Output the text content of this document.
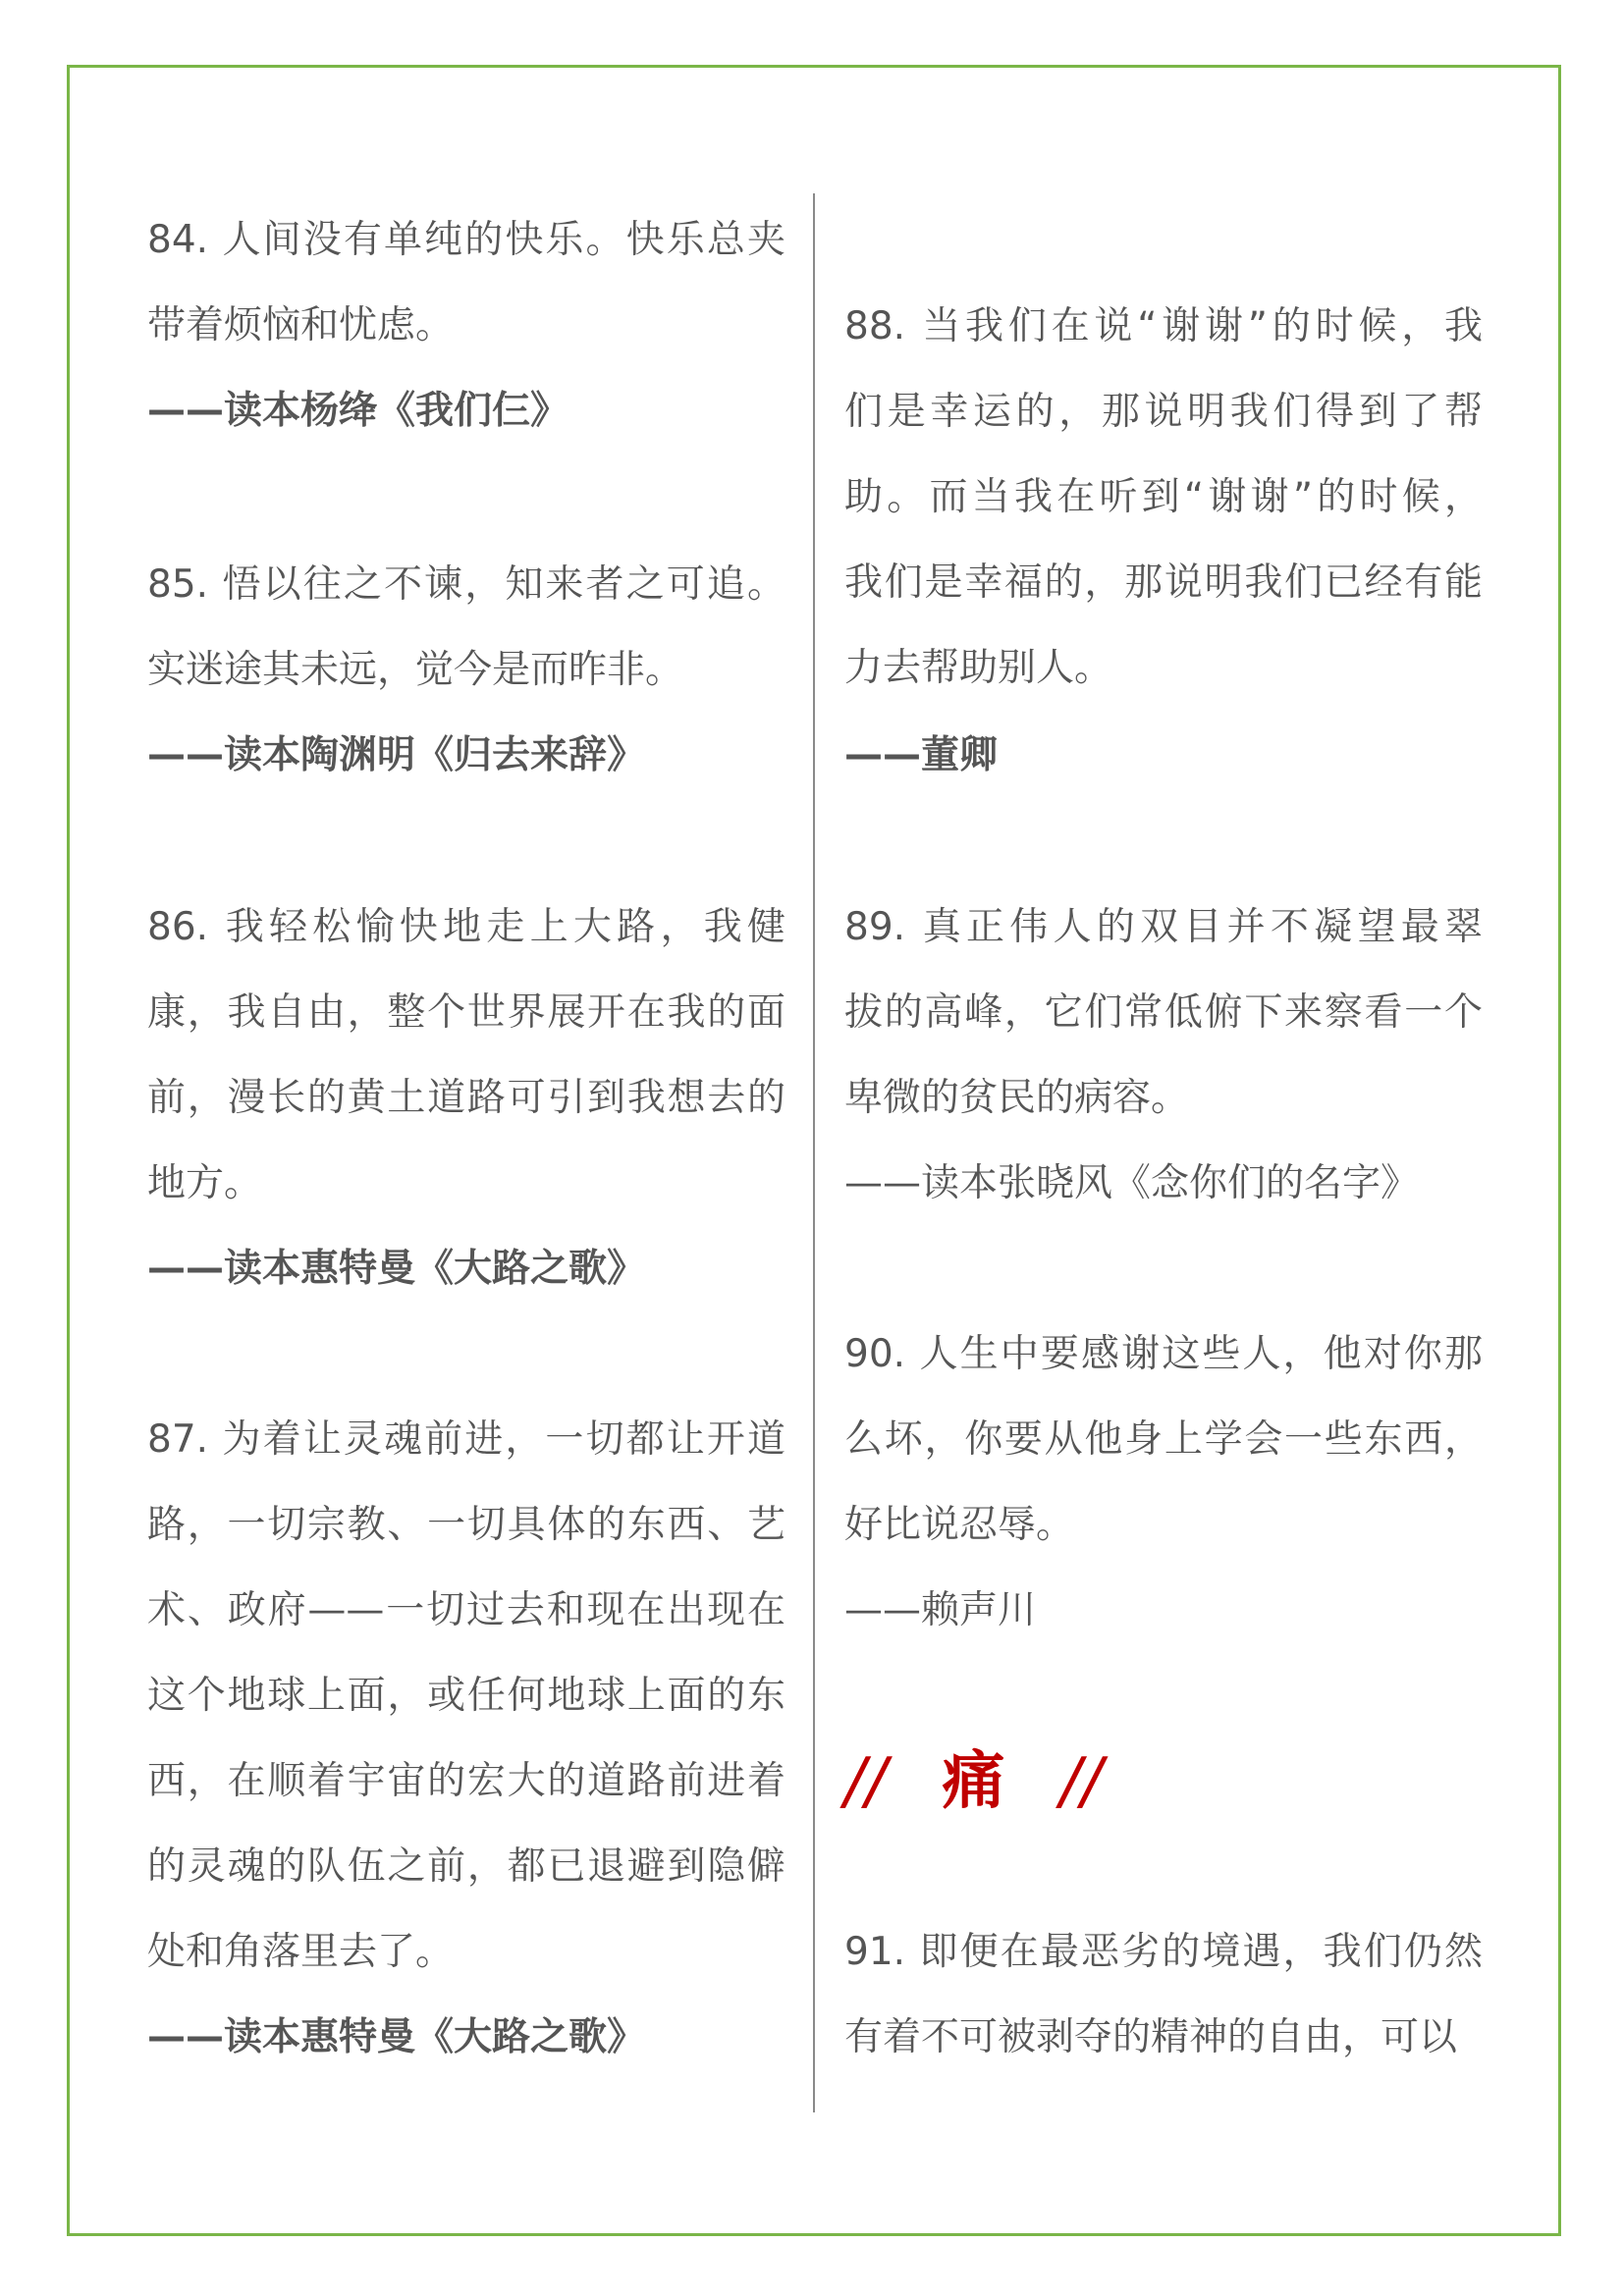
84. 人间没有单纯的快乐。快乐总夹
带着烦恼和忧虑。
——读本杨绛《我们仨》
85. 悟以往之不谏，知来者之可追。
实迷途其未远，觉今是而昨非。
——读本陶渊明《归去来辞》
86. 我轻松愉快地走上大路，我健
康，我自由，整个世界展开在我的面
前，漫长的黄土道路可引到我想去的
地方。
——读本惠特曼《大路之歌》
87. 为着让灵魂前进，一切都让开道
路，一切宗教、一切具体的东西、艺
术、政府——一切过去和现在出现在
这个地球上面，或任何地球上面的东
西，在顺着宇宙的宏大的道路前进着
的灵魂的队伍之前，都已退避到隐僻
处和角落里去了。
——读本惠特曼《大路之歌》
88. 当我们在说“谢谢”的时候，我
们是幸运的，那说明我们得到了帮
助。而当我在听到“谢谢”的时候，
我们是幸福的，那说明我们已经有能
力去帮助别人。
——董卿
89. 真正伟人的双目并不凝望最翠
拔的高峰，它们常低俯下来察看一个
卑微的贫民的病容。
——读本张晓风《念你们的名字》
90. 人生中要感谢这些人，他对你那
么坏，你要从他身上学会一些东西，
好比说忍辱。
——赖声川
91. 即便在最恶劣的境遇，我们仍然
有着不可被剥夺的精神的自由，可以
// 痛 //
